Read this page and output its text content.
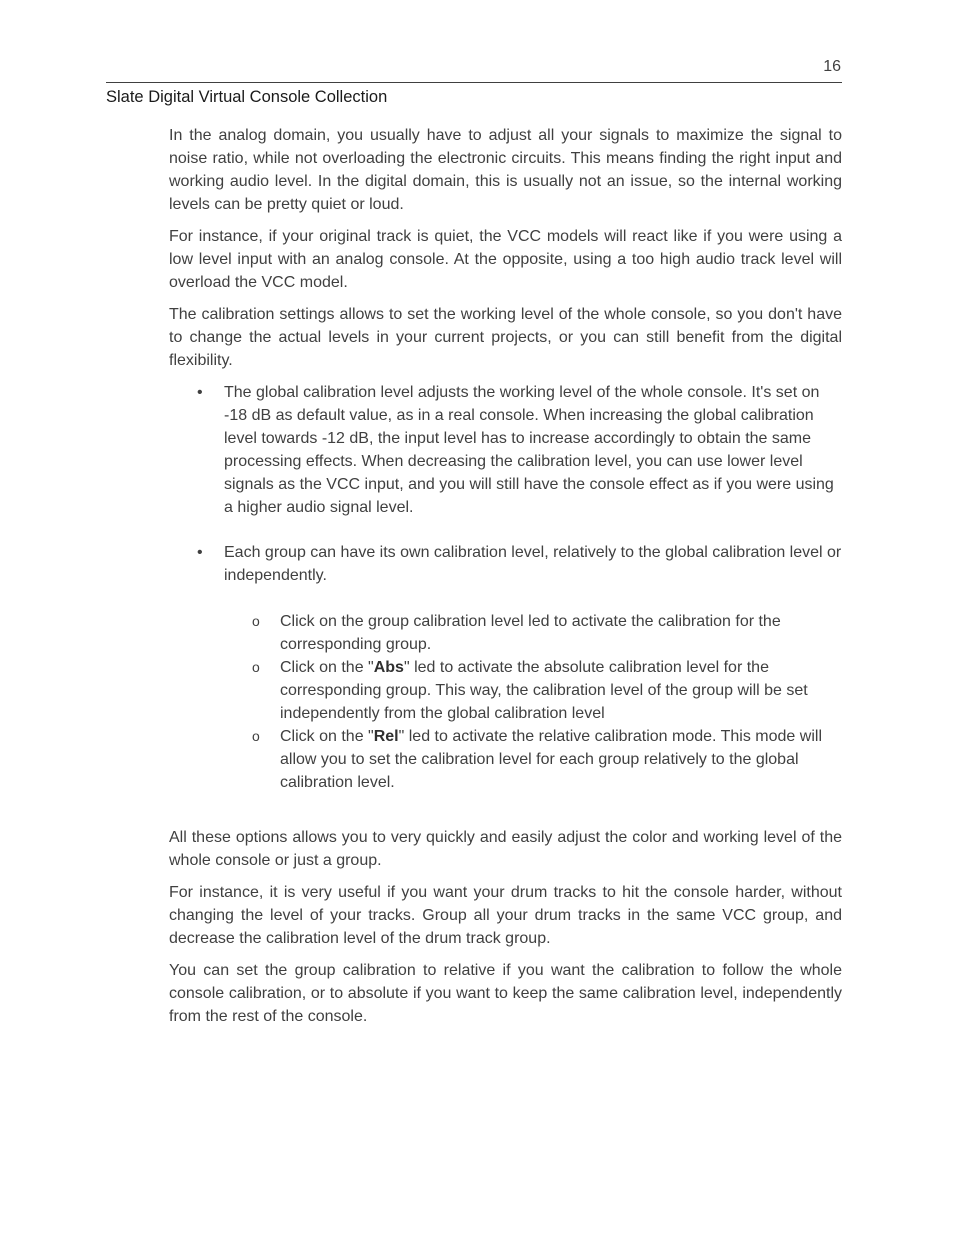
16
Slate Digital Virtual Console Collection

In the analog domain, you usually have to adjust all your signals to maximize the signal to noise ratio, while not overloading the electronic circuits. This means finding the right input and working audio level. In the digital domain, this is usually not an issue, so the internal working levels can be pretty quiet or loud.

For instance, if your original track is quiet, the VCC models will react like if you were using a low level input with an analog console. At the opposite, using a too high audio track level will overload the VCC model.

The calibration settings allows to set the working level of the whole console, so you don't have to change the actual levels in your current projects, or you can still benefit from the digital flexibility.

• The global calibration level adjusts the working level of the whole console. It's set on -18 dB as default value, as in a real console. When increasing the global calibration level towards -12 dB, the input level has to increase accordingly to obtain the same processing effects. When decreasing the calibration level, you can use lower level signals as the VCC input, and you will still have the console effect as if you were using a higher audio signal level.
• Each group can have its own calibration level, relatively to the global calibration level or independently.
o Click on the group calibration level led to activate the calibration for the corresponding group.
o Click on the "Abs" led to activate the absolute calibration level for the corresponding group. This way, the calibration level of the group will be set independently from the global calibration level
o Click on the "Rel" led to activate the relative calibration mode. This mode will allow you to set the calibration level for each group relatively to the global calibration level.

All these options allows you to very quickly and easily adjust the color and working level of the whole console or just a group.

For instance, it is very useful if you want your drum tracks to hit the console harder, without changing the level of your tracks. Group all your drum tracks in the same VCC group, and decrease the calibration level of the drum track group.

You can set the group calibration to relative if you want the calibration to follow the whole console calibration, or to absolute if you want to keep the same calibration level, independently from the rest of the console.
